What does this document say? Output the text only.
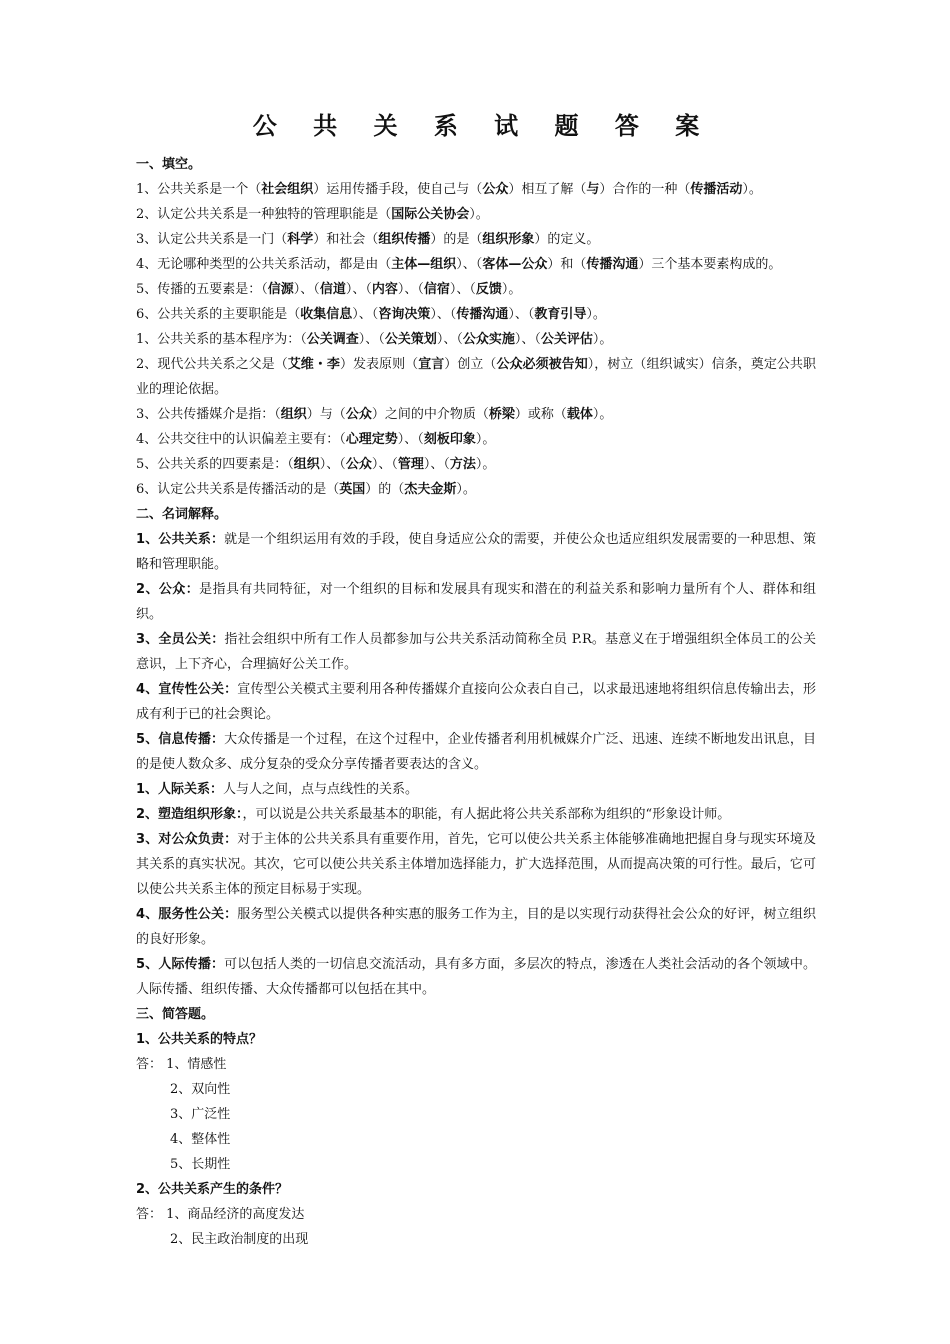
公 共 关 系 试 题 答 案
一、填空。
1、公共关系是一个（社会组织）运用传播手段，使自己与（公众）相互了解（与）合作的一种（传播活动）。
2、认定公共关系是一种独特的管理职能是（国际公关协会）。
3、认定公共关系是一门（科学）和社会（组织传播）的是（组织形象）的定义。
4、无论哪种类型的公共关系活动，都是由（主体—组织）、（客体—公众）和（传播沟通）三个基本要素构成的。
5、传播的五要素是：（信源）、（信道）、（内容）、（信宿）、（反馈）。
6、公共关系的主要职能是（收集信息）、（咨询决策）、（传播沟通）、（教育引导）。
1、公共关系的基本程序为：（公关调查）、（公关策划）、（公众实施）、（公关评估）。
2、现代公共关系之父是（艾维・李）发表原则（宣言）创立（公众必须被告知），树立（组织诚实）信条，奠定公共职业的理论依据。
3、公共传播媒介是指：（组织）与（公众）之间的中介物质（桥梁）或称（载体）。
4、公共交往中的认识偏差主要有：（心理定势）、（刻板印象）。
5、公共关系的四要素是：（组织）、（公众）、（管理）、（方法）。
6、认定公共关系是传播活动的是（英国）的（杰夫金斯）。
二、名词解释。
1、公共关系：就是一个组织运用有效的手段，使自身适应公众的需要，并使公众也适应组织发展需要的一种思想、策略和管理职能。
2、公众：是指具有共同特征，对一个组织的目标和发展具有现实和潜在的利益关系和影响力量所有个人、群体和组织。
3、全员公关：指社会组织中所有工作人员都参加与公共关系活动简称全员 P.R。基意义在于增强组织全体员工的公关意识，上下齐心，合理搞好公关工作。
4、宣传性公关：宣传型公关模式主要利用各种传播媒介直接向公众表白自己，以求最迅速地将组织信息传输出去，形成有利于已的社会舆论。
5、信息传播：大众传播是一个过程，在这个过程中，企业传播者利用机械媒介广泛、迅速、连续不断地发出讯息，目的是使人数众多、成分复杂的受众分享传播者要表达的含义。
1、人际关系：人与人之间，点与点线性的关系。
2、塑造组织形象：，可以说是公共关系最基本的职能，有人据此将公共关系部称为组织的“形象设计师。
3、对公众负责：对于主体的公共关系具有重要作用，首先，它可以使公共关系主体能够准确地把握自身与现实环境及其关系的真实状况。其次，它可以使公共关系主体增加选择能力，扩大选择范围，从而提高决策的可行性。最后，它可以使公共关系主体的预定目标易于实现。
4、服务性公关：服务型公关模式以提供各种实惠的服务工作为主，目的是以实现行动获得社会公众的好评，树立组织的良好形象。
5、人际传播：可以包括人类的一切信息交流活动，具有多方面，多层次的特点，渗透在人类社会活动的各个领域中。人际传播、组织传播、大众传播都可以包括在其中。
三、简答题。
1、公共关系的特点？
答： 1、情感性
2、双向性
3、广泛性
4、整体性
5、长期性
2、公共关系产生的条件？
答： 1、商品经济的高度发达
2、民主政治制度的出现
